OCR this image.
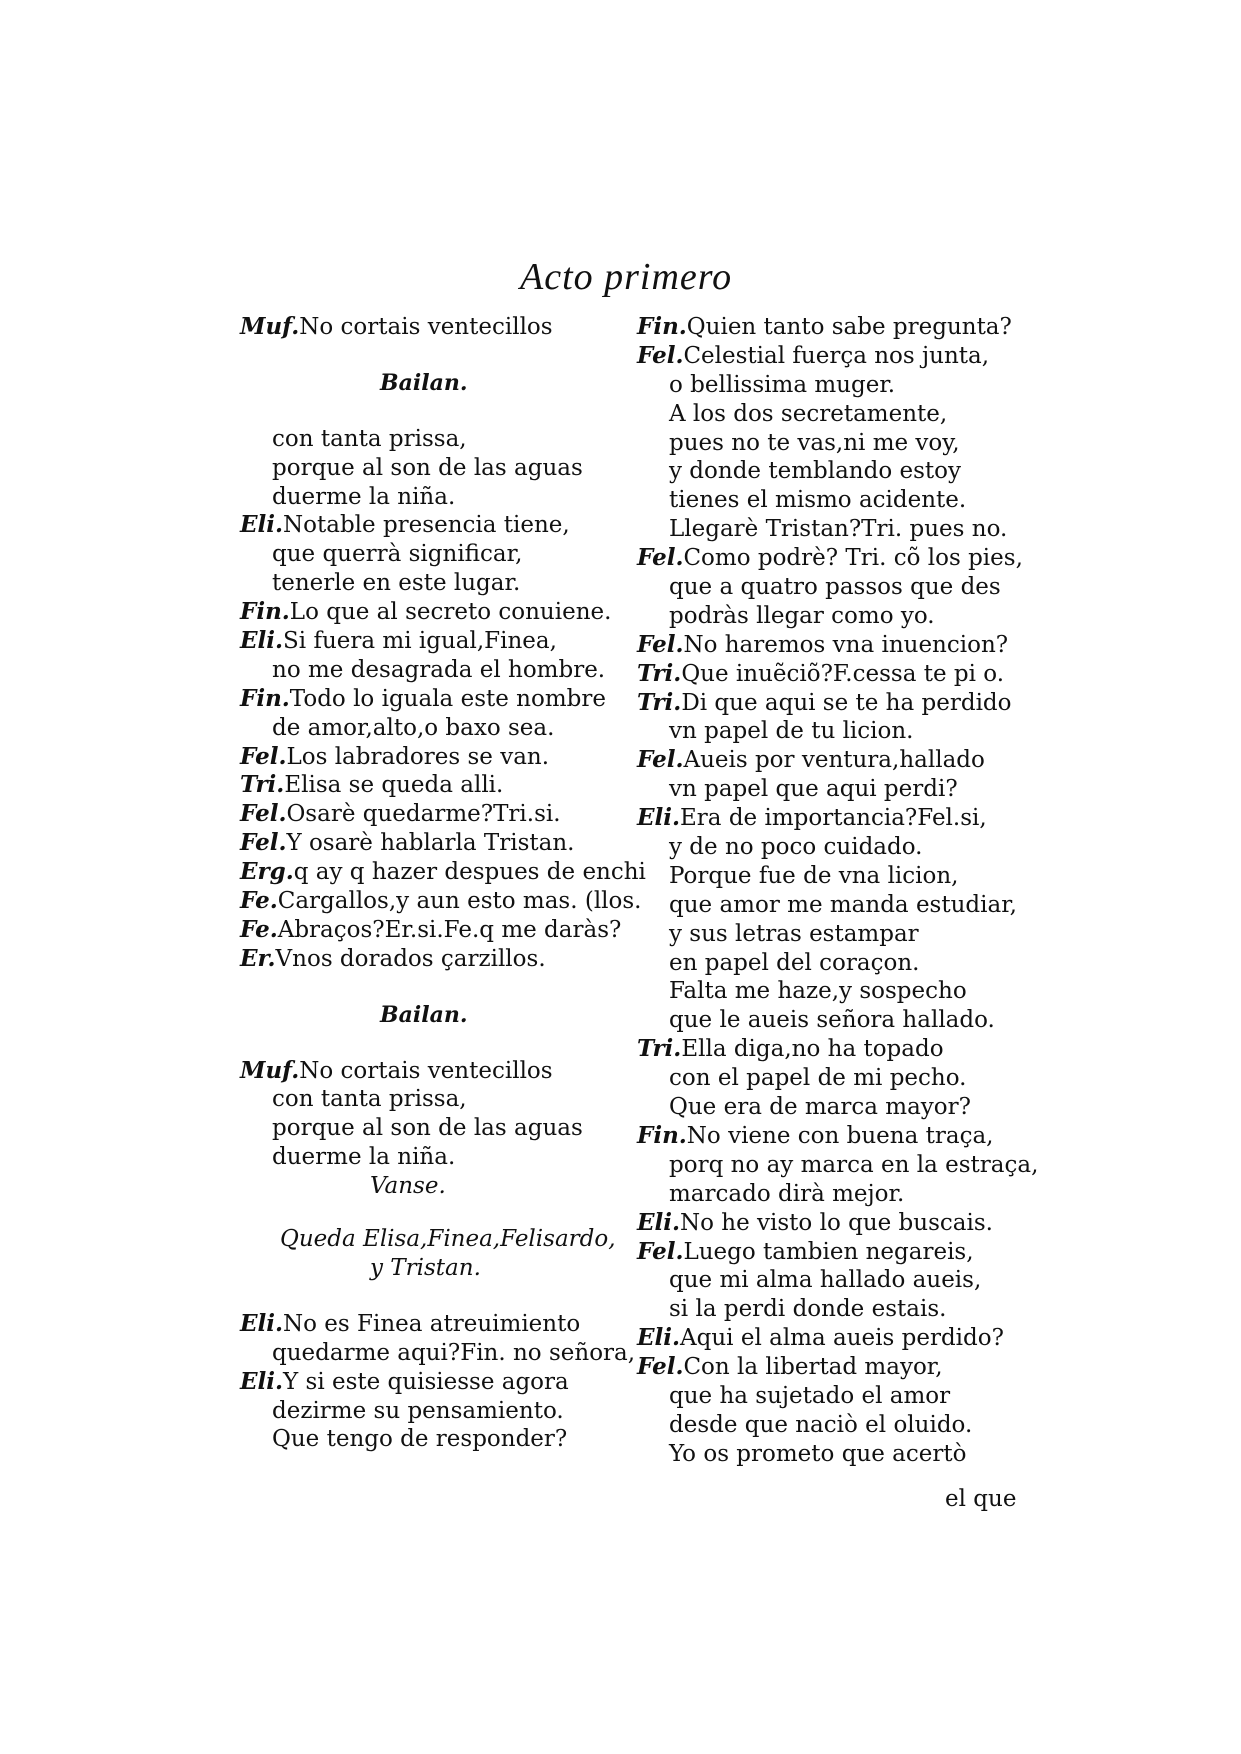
Acto primero
Muf.No cortais ventecillos
Bailan.
con tanta prissa,
porque al son de las aguas
duerme la niña.
Eli.Notable presencia tiene,
que querrà significar,
tenerle en este lugar.
Fin.Lo que al secreto conuiene.
Eli.Si fuera mi igual,Finea,
no me desagrada el hombre.
Fin.Todo lo iguala este nombre
de amor,alto,o baxo sea.
Fel.Los labradores se van.
Tri.Elisa se queda alli.
Fel.Osarè quedarme?Tri.si.
Fel.Y osarè hablarla Tristan.
Erg.q ay q hazer despues de enchi
Fe.Cargallos,y aun esto mas. (llos.
Fe.Abraços?Er.si.Fe.q me daràs?
Er.Vnos dorados çarzillos.
Bailan.
Muf.No cortais ventecillos
con tanta prissa,
porque al son de las aguas
duerme la niña.
Vanse.
Queda Elisa,Finea,Felisardo,
y Tristan.
Eli.No es Finea atreuimiento
quedarme aqui?Fin. no señora,
Eli.Y si este quisiesse agora
dezirme su pensamiento.
Que tengo de responder?
Fin.Quien tanto sabe pregunta?
Fel.Celestial fuerça nos junta,
o bellissima muger.
A los dos secretamente,
pues no te vas,ni me voy,
y donde temblando estoy
tienes el mismo acidente.
Llegarè Tristan?Tri. pues no.
Fel.Como podrè? Tri. cõ los pies,
que a quatro passos que des
podràs llegar como yo.
Fel.No haremos vna inuencion?
Tri.Que inuẽciõ?F.cessa te pi o.
Tri.Di que aqui se te ha perdido
vn papel de tu licion.
Fel.Aueis por ventura,hallado
vn papel que aqui perdi?
Eli.Era de importancia?Fel.si,
y de no poco cuidado.
Porque fue de vna licion,
que amor me manda estudiar,
y sus letras estampar
en papel del coraçon.
Falta me haze,y sospecho
que le aueis señora hallado.
Tri.Ella diga,no ha topado
con el papel de mi pecho.
Que era de marca mayor?
Fin.No viene con buena traça,
porq no ay marca en la estraça,
marcado dirà mejor.
Eli.No he visto lo que buscais.
Fel.Luego tambien negareis,
que mi alma hallado aueis,
si la perdi donde estais.
Eli.Aqui el alma aueis perdido?
Fel.Con la libertad mayor,
que ha sujetado el amor
desde que naciò el oluido.
Yo os prometo que acertò
el que
